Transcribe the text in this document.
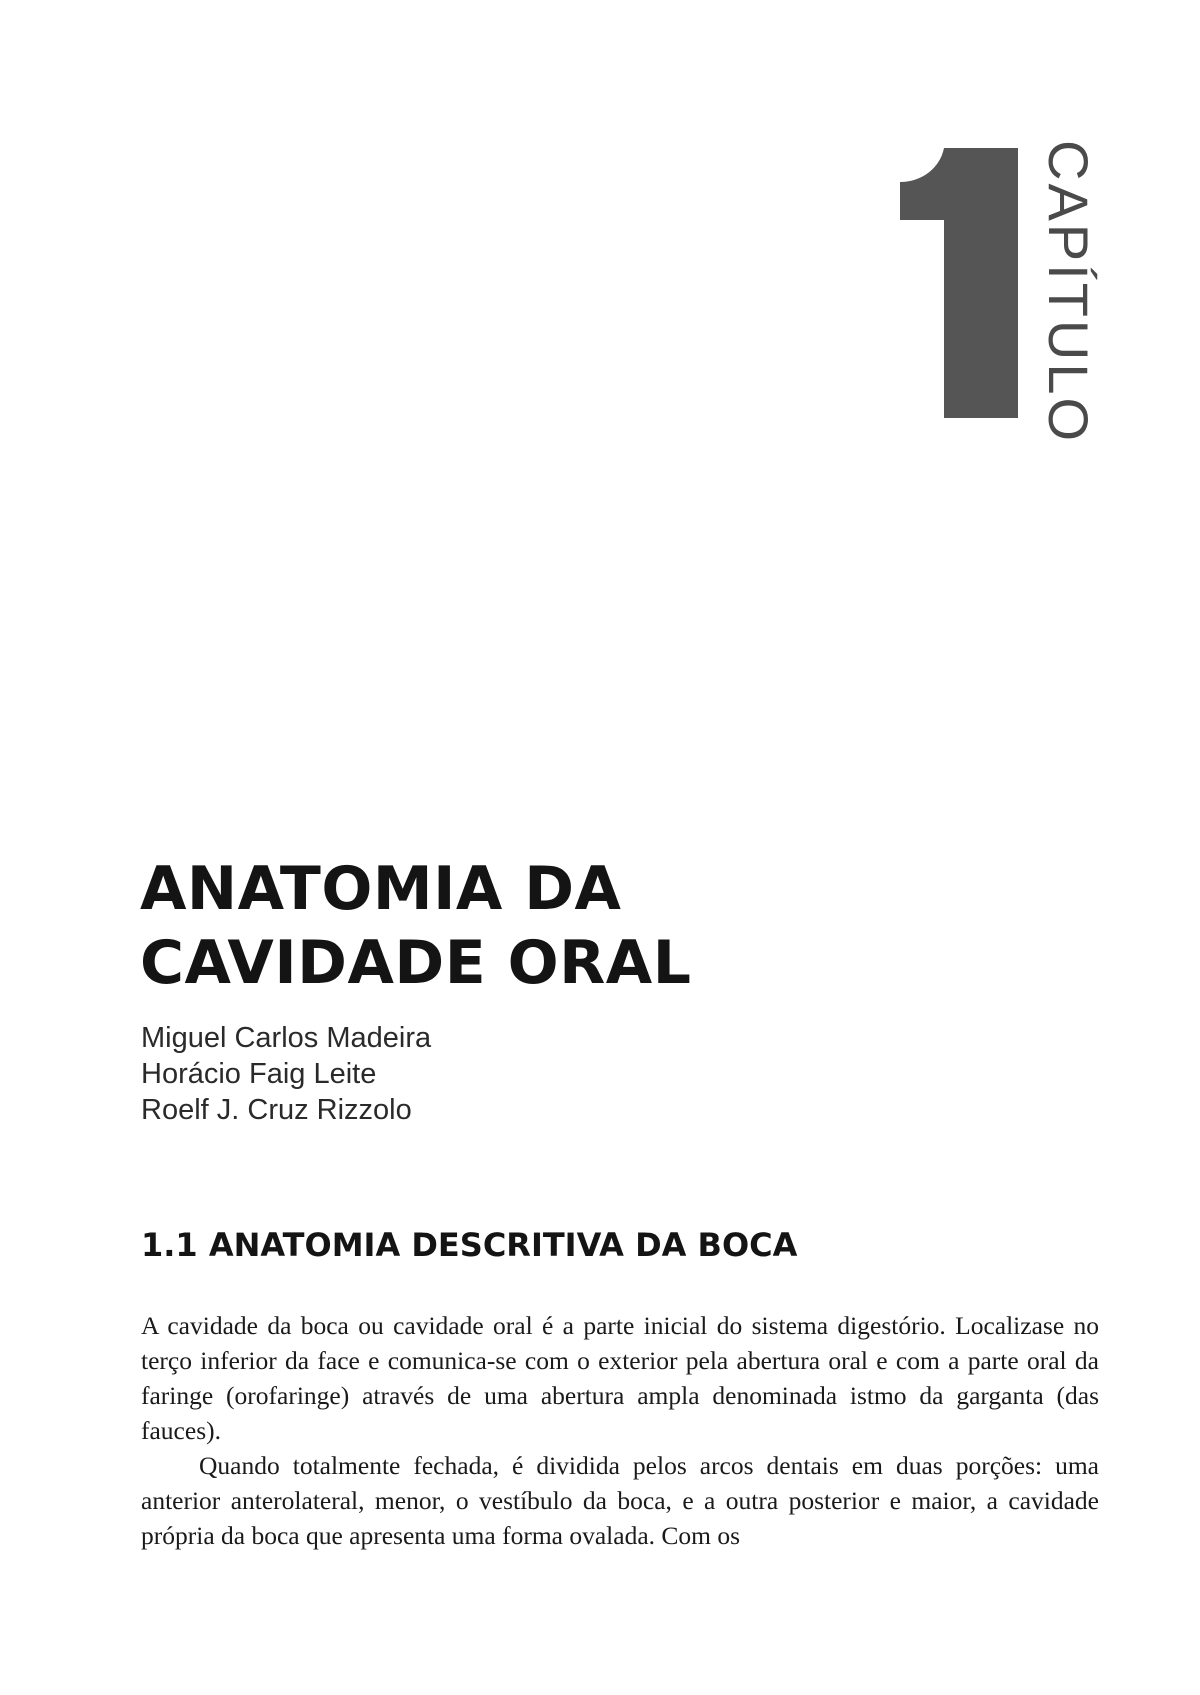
CAPÍTULO
ANATOMIA DA
CAVIDADE ORAL
Miguel Carlos Madeira
Horácio Faig Leite
Roelf J. Cruz Rizzolo
1.1 ANATOMIA DESCRITIVA DA BOCA

A cavidade da boca ou cavidade oral é a parte inicial do sistema digestório. Localizase no terço inferior da face e comunica-se com o exterior pela abertura oral e com a parte oral da faringe (orofaringe) através de uma abertura ampla denominada istmo da garganta (das fauces).

Quando totalmente fechada, é dividida pelos arcos dentais em duas porções: uma anterior anterolateral, menor, o vestíbulo da boca, e a outra posterior e maior, a cavidade própria da boca que apresenta uma forma ovalada. Com os
